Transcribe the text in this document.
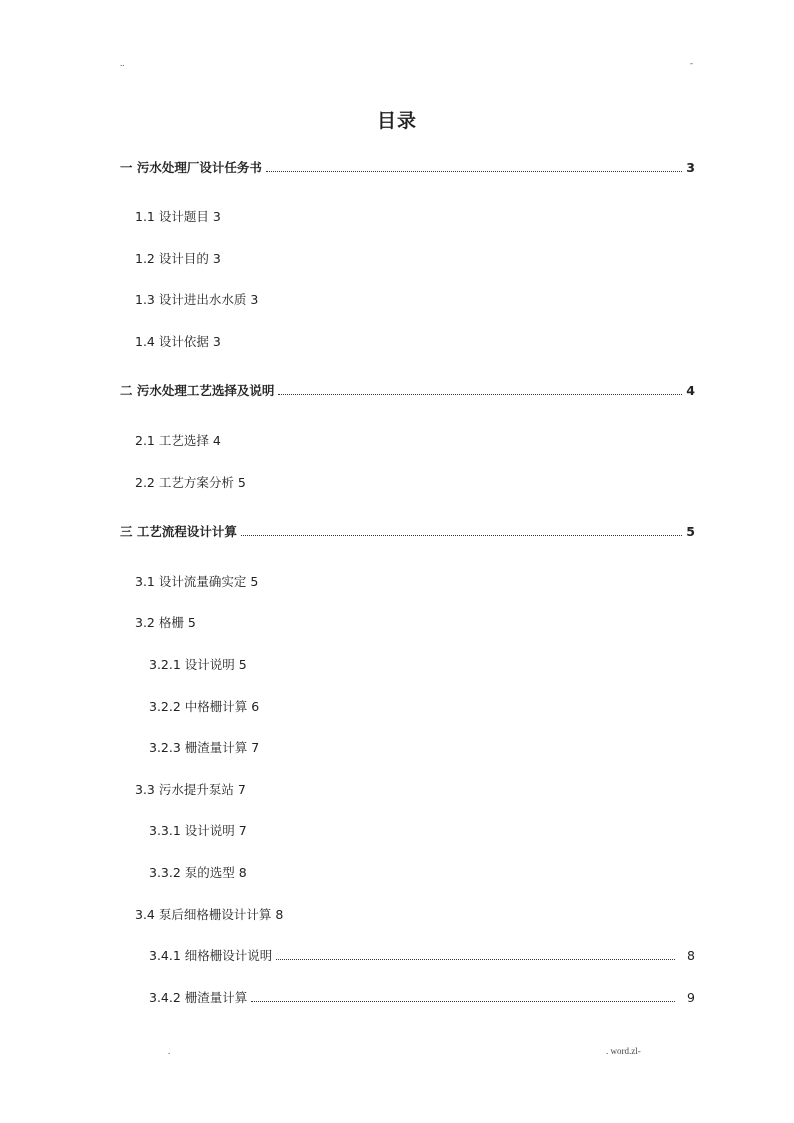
..	-
目录
一 污水处理厂设计任务书	3
1.1 设计题目 3
1.2 设计目的 3
1.3 设计进出水水质 3
1.4 设计依据 3
二 污水处理工艺选择及说明	4
2.1 工艺选择 4
2.2 工艺方案分析 5
三 工艺流程设计计算	5
3.1 设计流量确实定 5
3.2 格栅 5
3.2.1 设计说明 5
3.2.2 中格栅计算 6
3.2.3 栅渣量计算 7
3.3 污水提升泵站 7
3.3.1 设计说明 7
3.3.2 泵的选型 8
3.4 泵后细格栅设计计算 8
3.4.1 细格栅设计说明	8
3.4.2 栅渣量计算	9
.	. word.zl-
